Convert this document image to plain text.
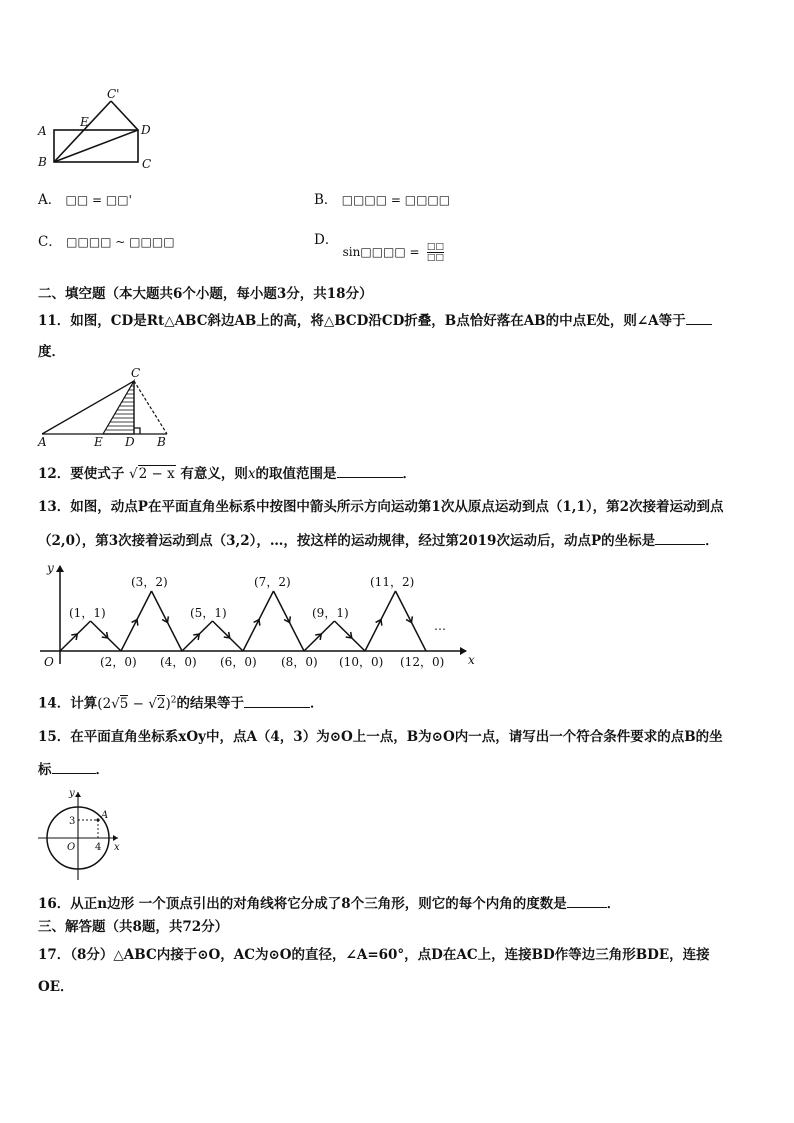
C'
E
A	D
B	C
A． □□ = □□'	B． □□□□ = □□□□
C． □□□□ ~ □□□□	D． sin□□□□ = $\frac{□□}{□□}$
二、填空题（本大题共6个小题，每小题3分，共18分）
11．如图，CD是Rt△ABC斜边AB上的高，将△BCD沿CD折叠，B点恰好落在AB的中点E处，则∠A等于
度．
C
A	E D B
12．要使式子 √2 − x 有意义，则x的取值范围是	．
13．如图，动点P在平面直角坐标系中按图中箭头所示方向运动第1次从原点运动到点（1,1），第2次接着运动到点
（2,0），第3次接着运动到点（3,2），…，按这样的运动规律，经过第2019次运动后，动点P的坐标是	．
y
x
O
(1，1)
(3，2)
(5，1)
(7，2)
(9，1)
(11，2)
(2，0) (4，0) (6，0) (8，0) (10，0) (12，0)
…
14．计算$(2√5 - √2)^2$的结果等于	．
15．在平面直角坐标系xOy中，点A（4，3）为⊙O上一点，B为⊙O内一点，请写出一个符合条件要求的点B的坐
标	．
y
x
O
3
4
A
16．从正n边形 一个顶点引出的对角线将它分成了8个三角形，则它的每个内角的度数是	．
三、解答题（共8题，共72分）
17．（8分）△ABC内接于⊙O，AC为⊙O的直径，∠A=60°，点D在AC上，连接BD作等边三角形BDE，连接
OE．
